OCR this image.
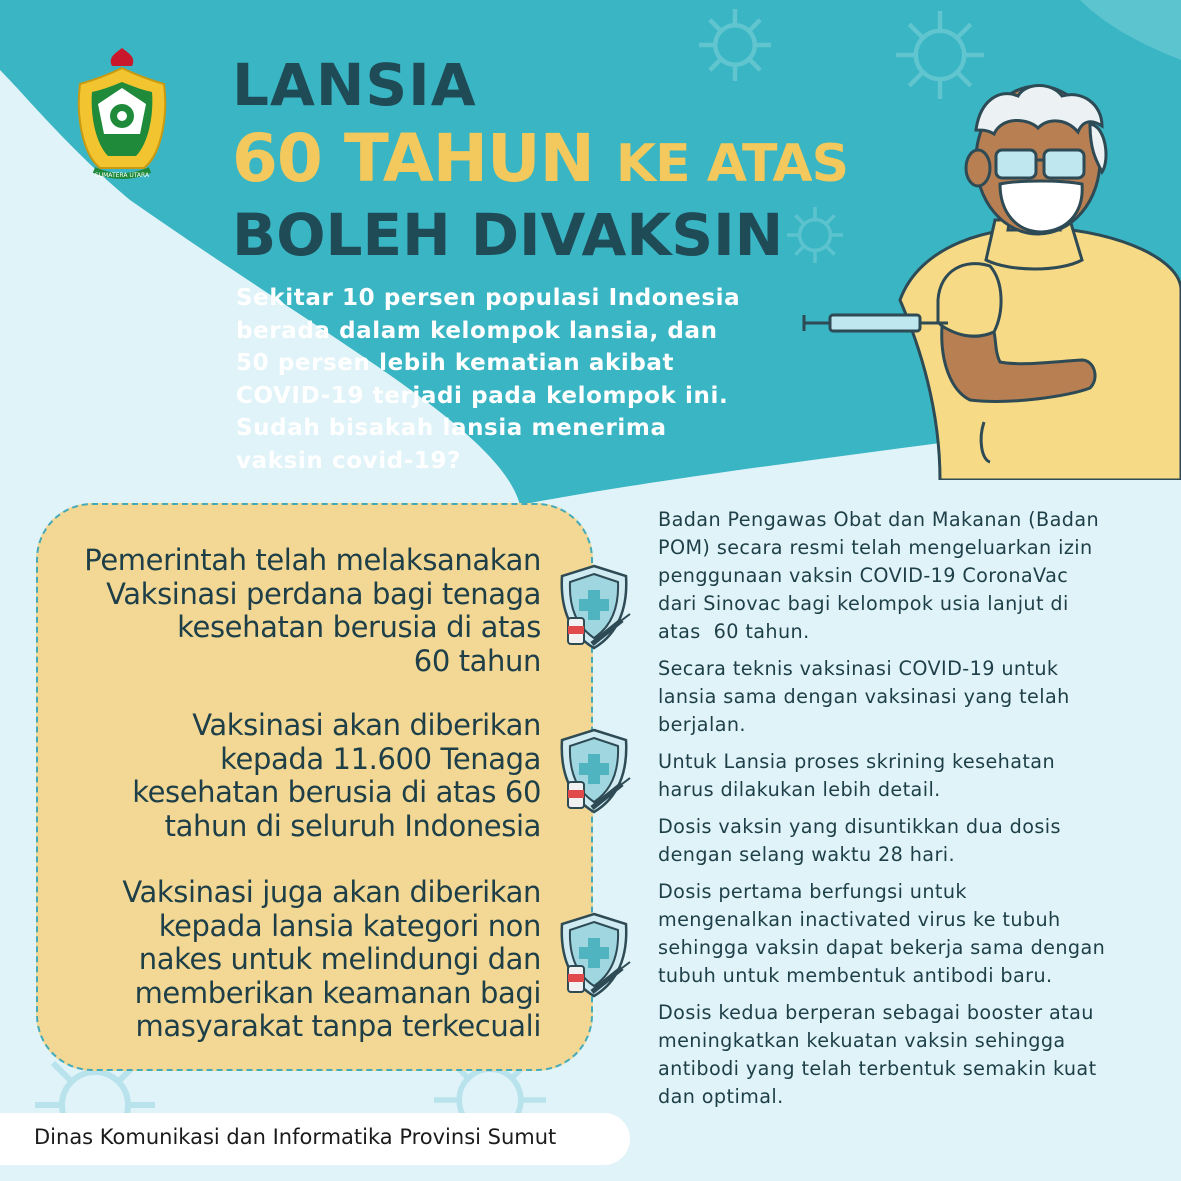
SUMATERA UTARA
LANSIA
60 TAHUN KE ATAS
BOLEH DIVAKSIN
Sekitar 10 persen populasi Indonesia
berada dalam kelompok lansia, dan
50 persen lebih kematian akibat
COVID-19 terjadi pada kelompok ini.
Sudah bisakah lansia menerima
vaksin covid-19?
Pemerintah telah melaksanakan
Vaksinasi perdana bagi tenaga
kesehatan berusia di atas
60 tahun
Vaksinasi akan diberikan
kepada 11.600 Tenaga
kesehatan berusia di atas 60
tahun di seluruh Indonesia
Vaksinasi juga akan diberikan
kepada lansia kategori non
nakes untuk melindungi dan
memberikan keamanan bagi
masyarakat tanpa terkecuali

Badan Pengawas Obat dan Makanan (Badan
POM) secara resmi telah mengeluarkan izin
penggunaan vaksin COVID-19 CoronaVac
dari Sinovac bagi kelompok usia lanjut di
atas  60 tahun.

Secara teknis vaksinasi COVID-19 untuk
lansia sama dengan vaksinasi yang telah
berjalan.

Untuk Lansia proses skrining kesehatan
harus dilakukan lebih detail.

Dosis vaksin yang disuntikkan dua dosis
dengan selang waktu 28 hari.

Dosis pertama berfungsi untuk
mengenalkan inactivated virus ke tubuh
sehingga vaksin dapat bekerja sama dengan
tubuh untuk membentuk antibodi baru.

Dosis kedua berperan sebagai booster atau
meningkatkan kekuatan vaksin sehingga
antibodi yang telah terbentuk semakin kuat
dan optimal.

Dinas Komunikasi dan Informatika Provinsi Sumut
